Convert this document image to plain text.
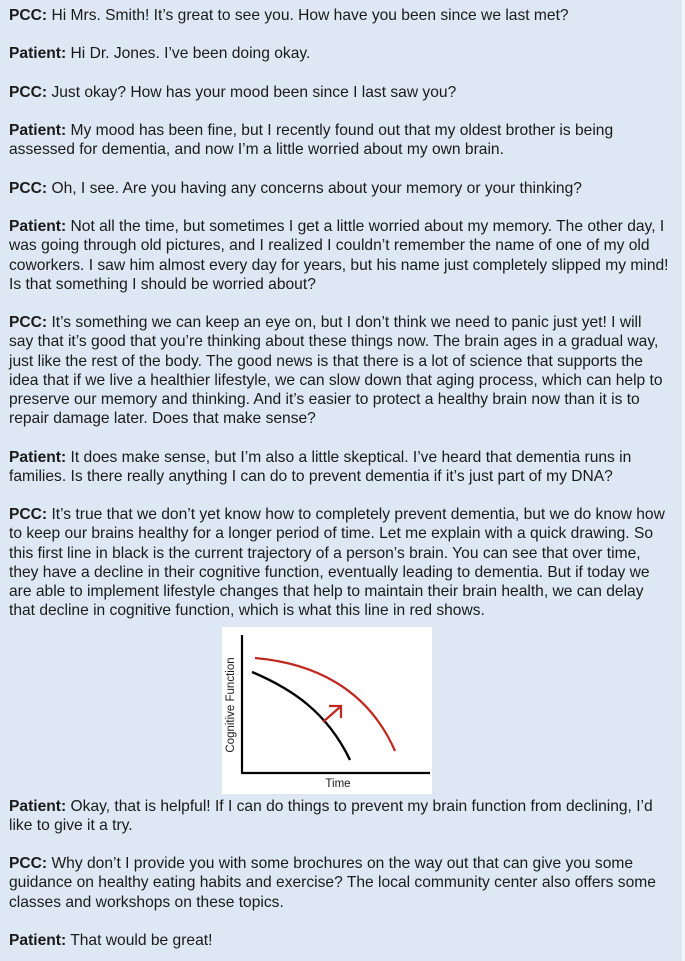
PCC: Hi Mrs. Smith! It’s great to see you. How have you been since we last met?

Patient: Hi Dr. Jones. I’ve been doing okay.

PCC: Just okay? How has your mood been since I last saw you?

Patient: My mood has been fine, but I recently found out that my oldest brother is being assessed for dementia, and now I’m a little worried about my own brain.

PCC: Oh, I see. Are you having any concerns about your memory or your thinking?

Patient: Not all the time, but sometimes I get a little worried about my memory. The other day, I was going through old pictures, and I realized I couldn’t remember the name of one of my old coworkers. I saw him almost every day for years, but his name just completely slipped my mind! Is that something I should be worried about?

PCC: It’s something we can keep an eye on, but I don’t think we need to panic just yet! I will say that it’s good that you’re thinking about these things now. The brain ages in a gradual way, just like the rest of the body. The good news is that there is a lot of science that supports the idea that if we live a healthier lifestyle, we can slow down that aging process, which can help to preserve our memory and thinking. And it’s easier to protect a healthy brain now than it is to repair damage later. Does that make sense?

Patient: It does make sense, but I’m also a little skeptical. I’ve heard that dementia runs in families. Is there really anything I can do to prevent dementia if it’s just part of my DNA?

PCC: It’s true that we don’t yet know how to completely prevent dementia, but we do know how to keep our brains healthy for a longer period of time. Let me explain with a quick drawing. So this first line in black is the current trajectory of a person’s brain. You can see that over time, they have a decline in their cognitive function, eventually leading to dementia. But if today we are able to implement lifestyle changes that help to maintain their brain health, we can delay that decline in cognitive function, which is what this line in red shows.

Cognitive Function
Time

Patient: Okay, that is helpful! If I can do things to prevent my brain function from declining, I’d like to give it a try.

PCC: Why don’t I provide you with some brochures on the way out that can give you some guidance on healthy eating habits and exercise? The local community center also offers some classes and workshops on these topics.

Patient: That would be great!
